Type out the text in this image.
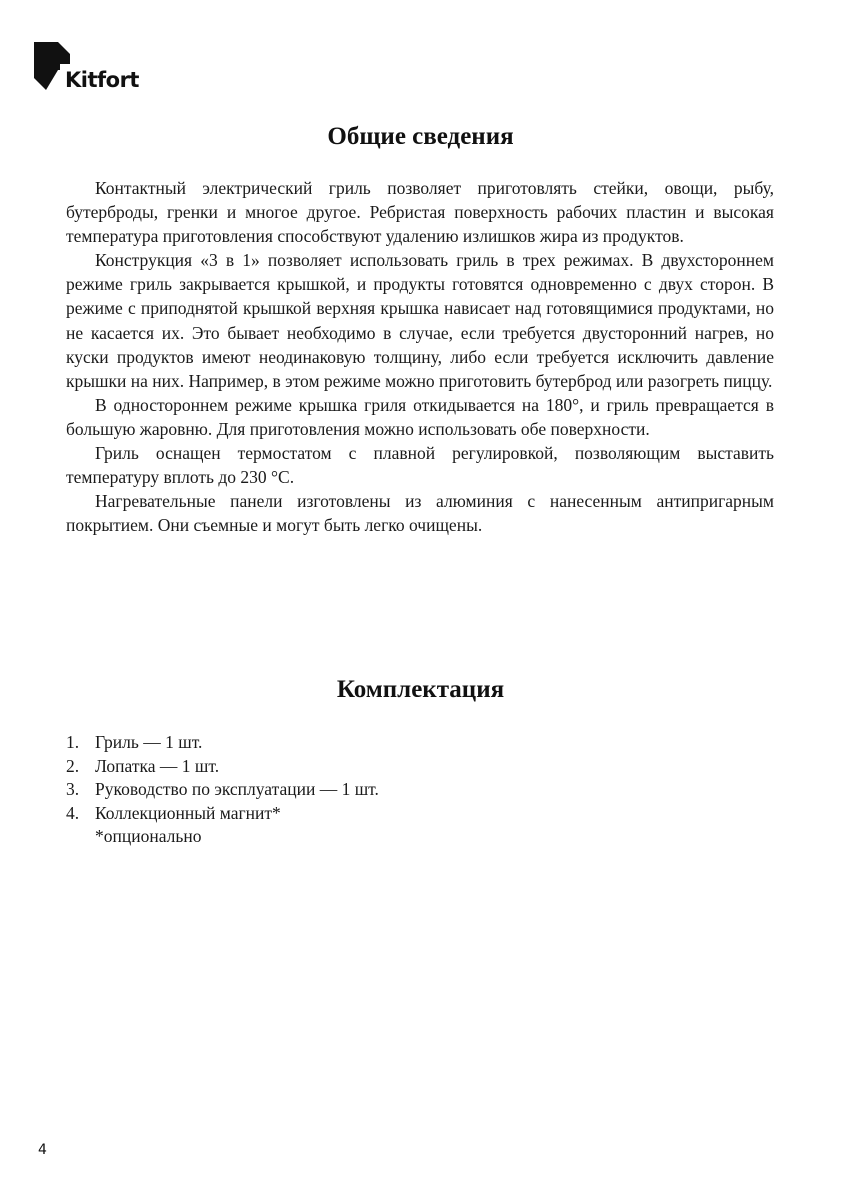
Kitfort
Общие сведения

Контактный электрический гриль позволяет приготовлять стейки, овощи, рыбу, бутерброды, гренки и многое другое. Ребристая поверхность рабочих пластин и высокая температура приготовления способствуют удалению излишков жира из продуктов.

Конструкция «3 в 1» позволяет использовать гриль в трех режимах. В двухстороннем режиме гриль закрывается крышкой, и продукты готовятся одновременно с двух сторон. В режиме с приподнятой крышкой верхняя крышка нависает над готовящимися продуктами, но не касается их. Это бывает необходимо в случае, если требуется двусторонний нагрев, но куски продуктов имеют неодинаковую толщину, либо если требуется исключить давление крышки на них. Например, в этом режиме можно приготовить бутерброд или разогреть пиццу.

В одностороннем режиме крышка гриля откидывается на 180°, и гриль превращается в большую жаровню. Для приготовления можно использовать обе поверхности.

Гриль оснащен термостатом с плавной регулировкой, позволяющим выставить температуру вплоть до 230 °С.

Нагревательные панели изготовлены из алюминия с нанесенным антипригарным покрытием. Они съемные и могут быть легко очищены.

Комплектация
1. Гриль — 1 шт.
2. Лопатка — 1 шт.
3. Руководство по эксплуатации — 1 шт.
4. Коллекционный магнит*
*опционально
4
